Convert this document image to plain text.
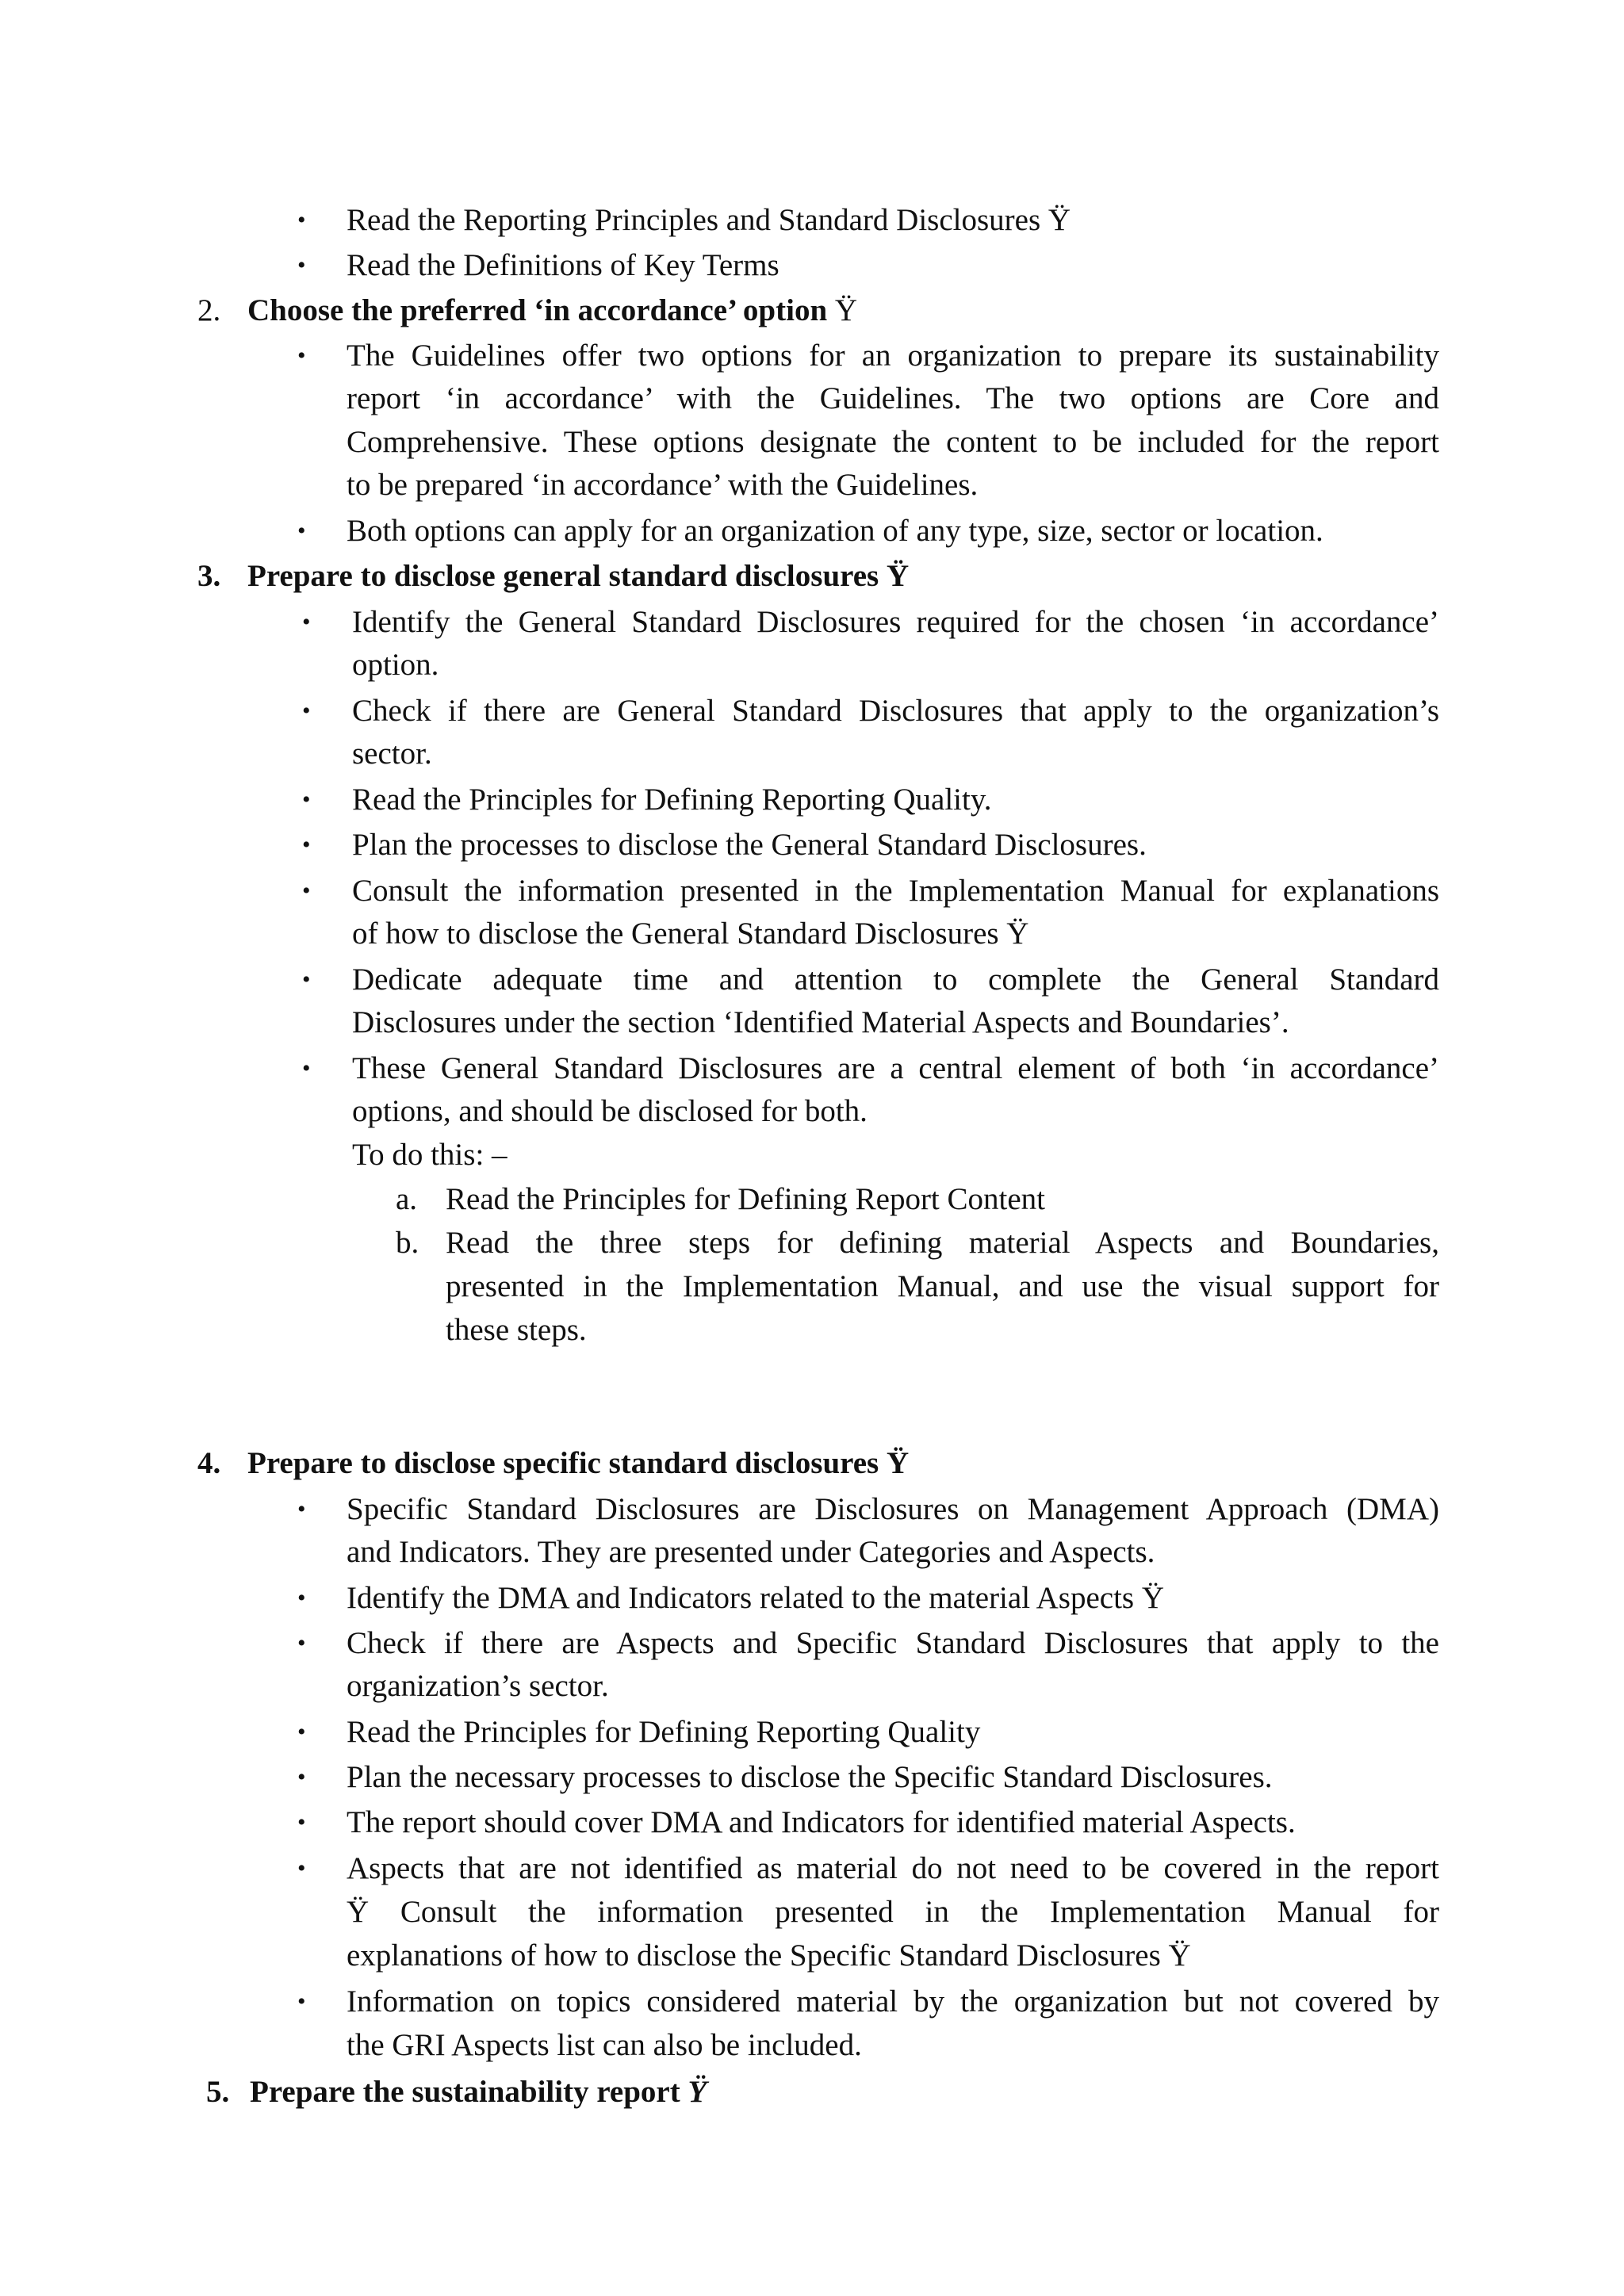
• Read the Reporting Principles and Standard Disclosures Ÿ
• Read the Definitions of Key Terms
2. Choose the preferred ‘in accordance’ option Ÿ
• The Guidelines offer two options for an organization to prepare its sustainability
report ‘in accordance’ with the Guidelines. The two options are Core and
Comprehensive. These options designate the content to be included for the report
to be prepared ‘in accordance’ with the Guidelines.
• Both options can apply for an organization of any type, size, sector or location.
3. Prepare to disclose general standard disclosures Ÿ
• Identify the General Standard Disclosures required for the chosen ‘in accordance’
option.
• Check if there are General Standard Disclosures that apply to the organization’s
sector.
• Read the Principles for Defining Reporting Quality.
• Plan the processes to disclose the General Standard Disclosures.
• Consult the information presented in the Implementation Manual for explanations
of how to disclose the General Standard Disclosures Ÿ
• Dedicate adequate time and attention to complete the General Standard
Disclosures under the section ‘Identified Material Aspects and Boundaries’.
• These General Standard Disclosures are a central element of both ‘in accordance’
options, and should be disclosed for both.
To do this: –
a. Read the Principles for Defining Report Content
b. Read the three steps for defining material Aspects and Boundaries,
presented in the Implementation Manual, and use the visual support for
these steps.
4. Prepare to disclose specific standard disclosures Ÿ
• Specific Standard Disclosures are Disclosures on Management Approach (DMA)
and Indicators. They are presented under Categories and Aspects.
• Identify the DMA and Indicators related to the material Aspects Ÿ
• Check if there are Aspects and Specific Standard Disclosures that apply to the
organization’s sector.
• Read the Principles for Defining Reporting Quality
• Plan the necessary processes to disclose the Specific Standard Disclosures.
• The report should cover DMA and Indicators for identified material Aspects.
• Aspects that are not identified as material do not need to be covered in the report
Ÿ Consult the information presented in the Implementation Manual for
explanations of how to disclose the Specific Standard Disclosures Ÿ
• Information on topics considered material by the organization but not covered by
the GRI Aspects list can also be included.
5. Prepare the sustainability report Ÿ
